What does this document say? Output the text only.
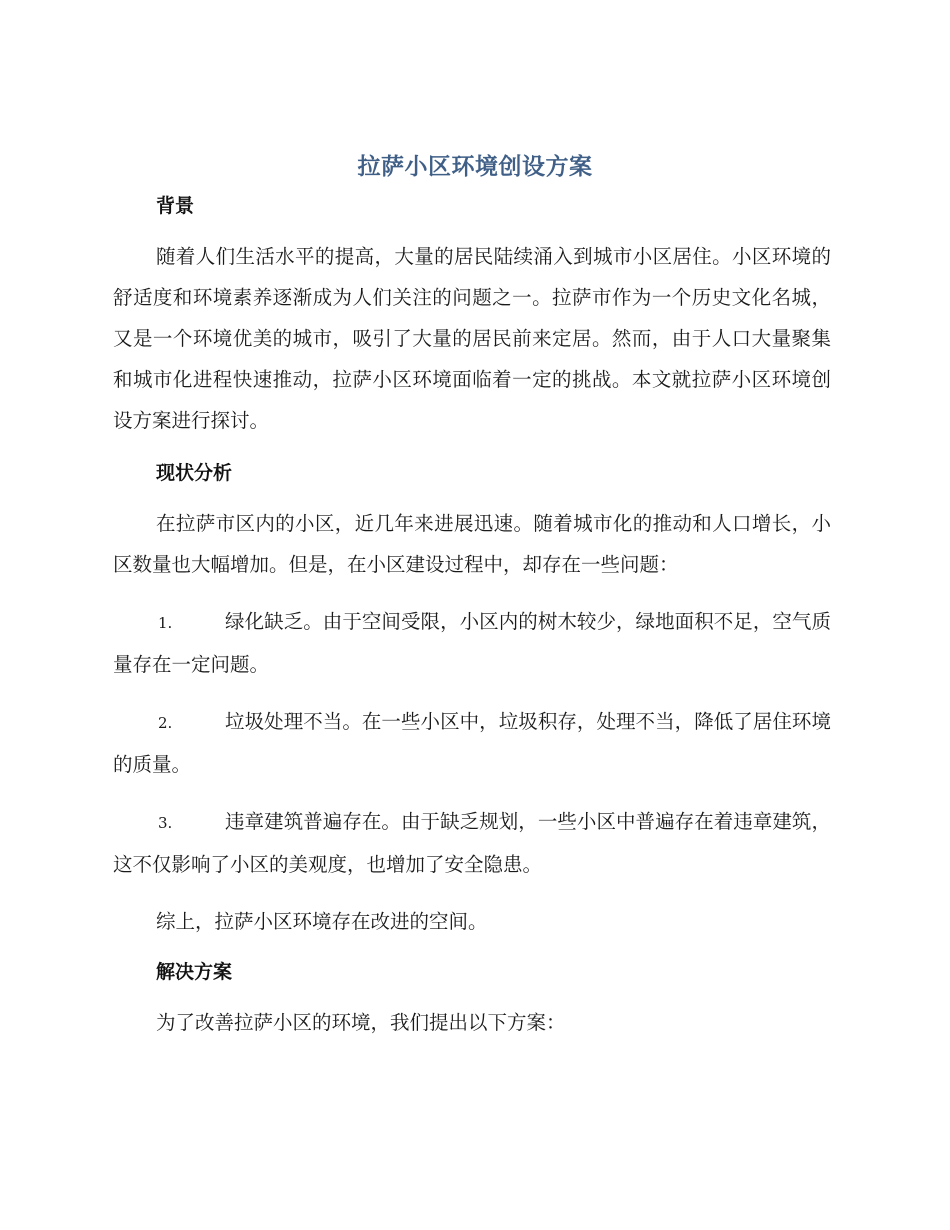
拉萨小区环境创设方案

背景

随着人们生活水平的提高，大量的居民陆续涌入到城市小区居住。小区环境的舒适度和环境素养逐渐成为人们关注的问题之一。拉萨市作为一个历史文化名城，又是一个环境优美的城市，吸引了大量的居民前来定居。然而，由于人口大量聚集和城市化进程快速推动，拉萨小区环境面临着一定的挑战。本文就拉萨小区环境创设方案进行探讨。

现状分析

在拉萨市区内的小区，近几年来进展迅速。随着城市化的推动和人口增长，小区数量也大幅增加。但是，在小区建设过程中，却存在一些问题：

1.	绿化缺乏。由于空间受限，小区内的树木较少，绿地面积不足，空气质量存在一定问题。

2.	垃圾处理不当。在一些小区中，垃圾积存，处理不当，降低了居住环境的质量。

3.	违章建筑普遍存在。由于缺乏规划，一些小区中普遍存在着违章建筑，这不仅影响了小区的美观度，也增加了安全隐患。

综上，拉萨小区环境存在改进的空间。

解决方案

为了改善拉萨小区的环境，我们提出以下方案：
